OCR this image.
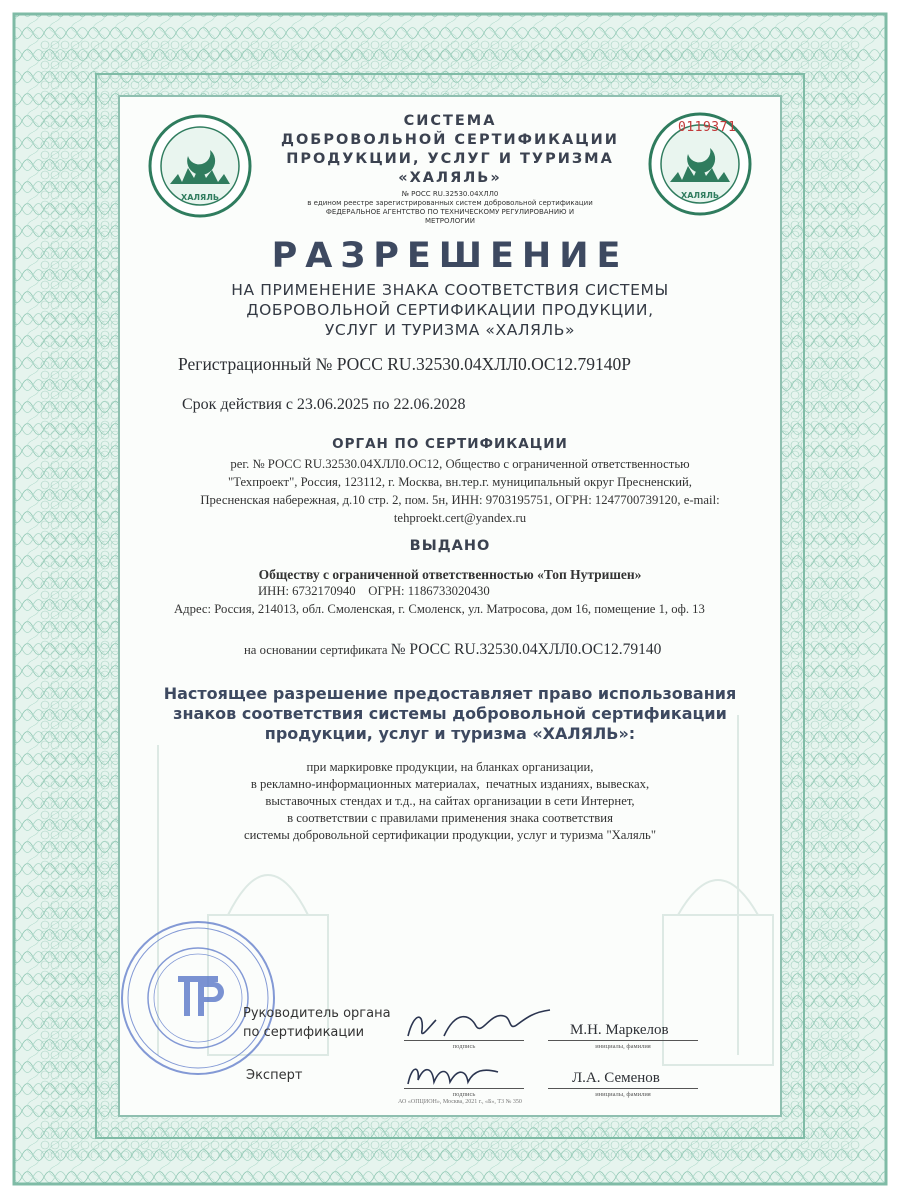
ХАЛЯЛЬ	ХАЛЯЛЬ
0119371
СИСТЕМА
ДОБРОВОЛЬНОЙ СЕРТИФИКАЦИИ
ПРОДУКЦИИ, УСЛУГ И ТУРИЗМА
«ХАЛЯЛЬ»
№ РОСС RU.32530.04ХЛЛ0
в едином реестре зарегистрированных систем добровольной сертификации
ФЕДЕРАЛЬНОЕ АГЕНТСТВО ПО ТЕХНИЧЕСКОМУ РЕГУЛИРОВАНИЮ И
МЕТРОЛОГИИ
РАЗРЕШЕНИЕ
НА ПРИМЕНЕНИЕ ЗНАКА СООТВЕТСТВИЯ СИСТЕМЫ
ДОБРОВОЛЬНОЙ СЕРТИФИКАЦИИ ПРОДУКЦИИ,
УСЛУГ И ТУРИЗМА «ХАЛЯЛЬ»
Регистрационный № РОСС RU.32530.04ХЛЛ0.ОС12.79140Р
Срок действия с 23.06.2025 по 22.06.2028
ОРГАН ПО СЕРТИФИКАЦИИ
рег. № РОСС RU.32530.04ХЛЛ0.ОС12, Общество с ограниченной ответственностью
"Техпроект", Россия, 123112, г. Москва, вн.тер.г. муниципальный округ Пресненский,
Пресненская набережная, д.10 стр. 2, пом. 5н, ИНН: 9703195751, ОГРН: 1247700739120, e-mail:
tehproekt.cert@yandex.ru
ВЫДАНО
Обществу с ограниченной ответственностью «Топ Нутришен»
ИНН: 6732170940    ОГРН: 1186733020430
Адрес: Россия, 214013, обл. Смоленская, г. Смоленск, ул. Матросова, дом 16, помещение 1, оф. 13
на основании сертификата № РОСС RU.32530.04ХЛЛ0.ОС12.79140
Настоящее разрешение предоставляет право использования
знаков соответствия системы добровольной сертификации
продукции, услуг и туризма «ХАЛЯЛЬ»:
при маркировке продукции, на бланках организации,
в рекламно-информационных материалах,  печатных изданиях, вывесках,
выставочных стендах и т.д., на сайтах организации в сети Интернет,
в соответствии с правилами применения знака соответствия
системы добровольной сертификации продукции, услуг и туризма "Халяль"
Руководитель органа
по сертификации
подпись
М.Н. Маркелов
инициалы, фамилия
Эксперт
подпись
Л.А. Семенов
инициалы, фамилия
АО «ОПЦИОН», Москва, 2021 г., «Б», Т3 № 350
